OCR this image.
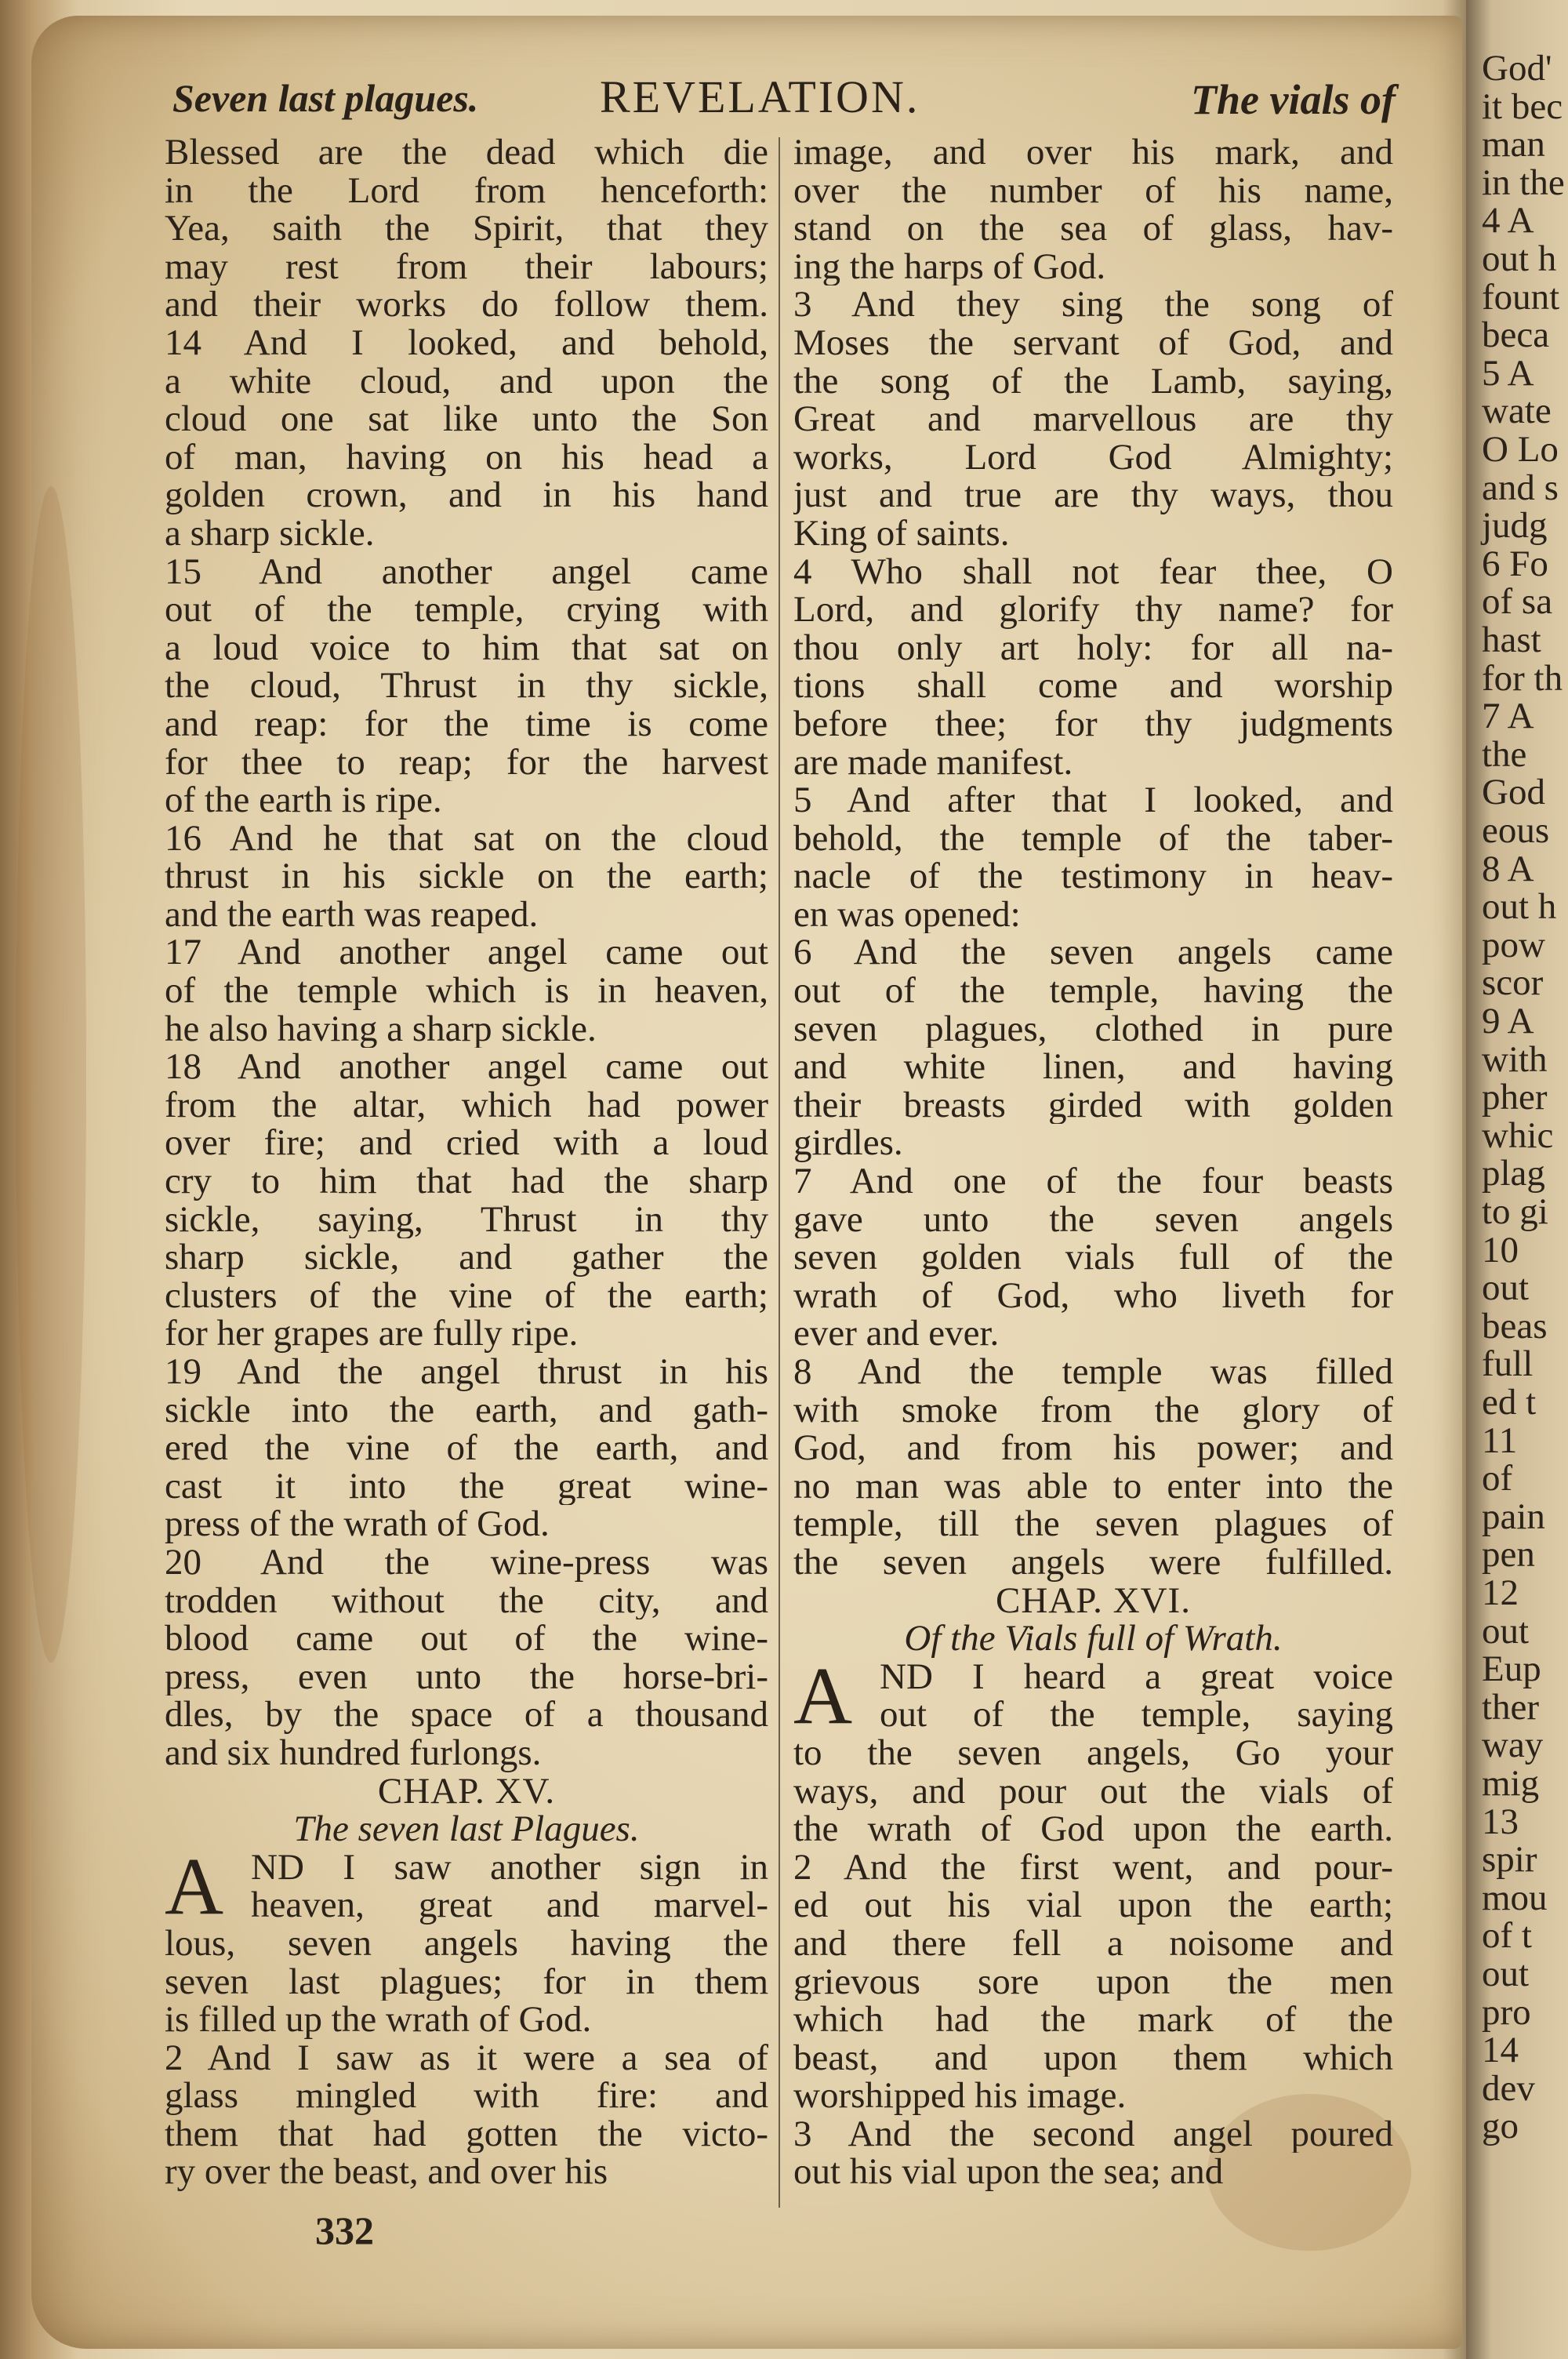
Seven last plagues.	REVELATION.	The vials of
Blessed are the dead which die
in the Lord from henceforth:
Yea, saith the Spirit, that they
may rest from their labours;
and their works do follow them.
14 And I looked, and behold,
a white cloud, and upon the
cloud one sat like unto the Son
of man, having on his head a
golden crown, and in his hand
a sharp sickle.
15 And another angel came
out of the temple, crying with
a loud voice to him that sat on
the cloud, Thrust in thy sickle,
and reap: for the time is come
for thee to reap; for the harvest
of the earth is ripe.
16 And he that sat on the cloud
thrust in his sickle on the earth;
and the earth was reaped.
17 And another angel came out
of the temple which is in heaven,
he also having a sharp sickle.
18 And another angel came out
from the altar, which had power
over fire; and cried with a loud
cry to him that had the sharp
sickle, saying, Thrust in thy
sharp sickle, and gather the
clusters of the vine of the earth;
for her grapes are fully ripe.
19 And the angel thrust in his
sickle into the earth, and gath-
ered the vine of the earth, and
cast it into the great wine-
press of the wrath of God.
20 And the wine-press was
trodden without the city, and
blood came out of the wine-
press, even unto the horse-bri-
dles, by the space of a thousand
and six hundred furlongs.
CHAP. XV.
The seven last Plagues.
A ND I saw another sign in
heaven, great and marvel-
lous, seven angels having the
seven last plagues; for in them
is filled up the wrath of God.
2 And I saw as it were a sea of
glass mingled with fire: and
them that had gotten the victo-
ry over the beast, and over his
image, and over his mark, and
over the number of his name,
stand on the sea of glass, hav-
ing the harps of God.
3 And they sing the song of
Moses the servant of God, and
the song of the Lamb, saying,
Great and marvellous are thy
works, Lord God Almighty;
just and true are thy ways, thou
King of saints.
4 Who shall not fear thee, O
Lord, and glorify thy name? for
thou only art holy: for all na-
tions shall come and worship
before thee; for thy judgments
are made manifest.
5 And after that I looked, and
behold, the temple of the taber-
nacle of the testimony in heav-
en was opened:
6 And the seven angels came
out of the temple, having the
seven plagues, clothed in pure
and white linen, and having
their breasts girded with golden
girdles.
7 And one of the four beasts
gave unto the seven angels
seven golden vials full of the
wrath of God, who liveth for
ever and ever.
8 And the temple was filled
with smoke from the glory of
God, and from his power; and
no man was able to enter into the
temple, till the seven plagues of
the seven angels were fulfilled.
CHAP. XVI.
Of the Vials full of Wrath.
A ND I heard a great voice
out of the temple, saying
to the seven angels, Go your
ways, and pour out the vials of
the wrath of God upon the earth.
2 And the first went, and pour-
ed out his vial upon the earth;
and there fell a noisome and
grievous sore upon the men
which had the mark of the
beast, and upon them which
worshipped his image.
3 And the second angel poured
out his vial upon the sea; and
332
God'
it bec
man
in the
4 A
out h
fount
beca
5 A
wate
O Lo
and s
judg
6 Fo
of sa
hast
for th
7 A
the
God
eous
8 A
out h
pow
scor
9 A
with
pher
whic
plag
to gi
10
out
beas
full
ed t
11
of
pain
pen
12
out
Eup
ther
way
mig
13
spir
mou
of t
out
pro
14
dev
go
